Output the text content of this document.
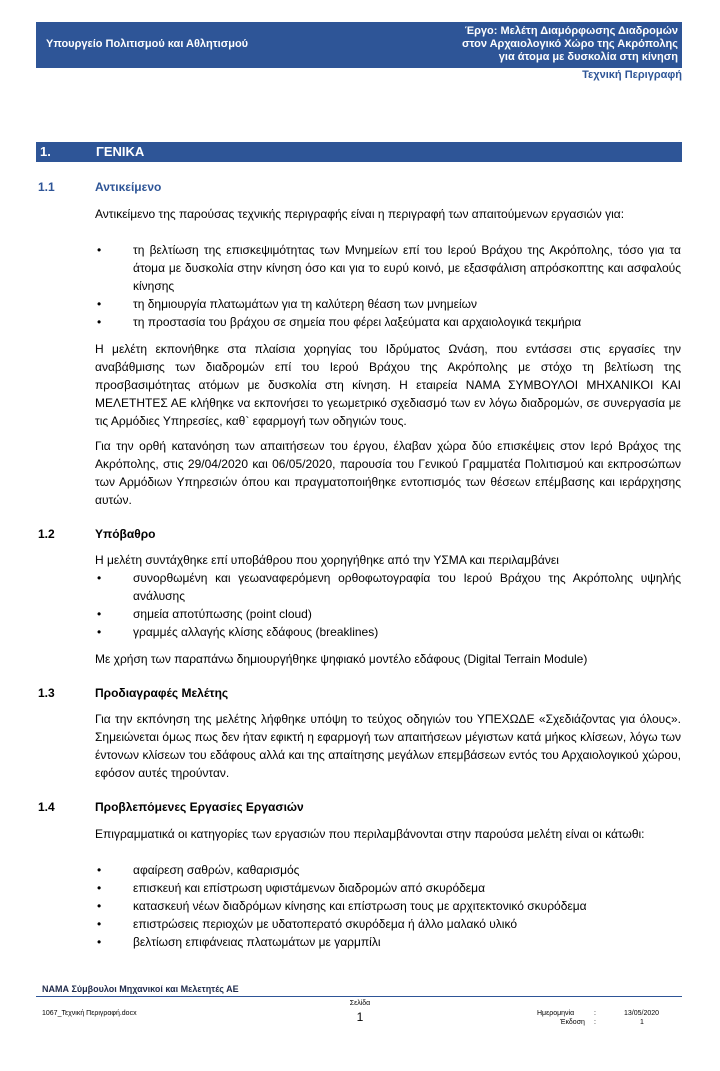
Υπουργείο Πολιτισμού και Αθλητισμού
Έργο: Μελέτη Διαμόρφωσης Διαδρομών
στον Αρχαιολογικό Χώρο της Ακρόπολης
για άτομα με δυσκολία στη κίνηση
Τεχνική Περιγραφή
1.	ΓΕΝΙΚΑ
1.1	Αντικείμενο
Αντικείμενο της παρούσας τεχνικής περιγραφής είναι η περιγραφή των απαιτούμενων εργασιών για:
• τη βελτίωση της επισκεψιμότητας των Μνημείων επί του Ιερού Βράχου της Ακρόπολης, τόσο για τα άτομα με δυσκολία στην κίνηση όσο και για το ευρύ κοινό, με εξασφάλιση απρόσκοπτης και ασφαλούς κίνησης
• τη δημιουργία πλατωμάτων για τη καλύτερη θέαση των μνημείων
• τη προστασία του βράχου σε σημεία που φέρει λαξεύματα και αρχαιολογικά τεκμήρια
Η μελέτη εκπονήθηκε στα πλαίσια χορηγίας του Ιδρύματος Ωνάση, που εντάσσει στις εργασίες την αναβάθμισης των διαδρομών επί του Ιερού Βράχου της Ακρόπολης με στόχο τη βελτίωση της προσβασιμότητας ατόμων με δυσκολία στη κίνηση. Η εταιρεία ΝΑΜΑ ΣΥΜΒΟΥΛΟΙ ΜΗΧΑΝΙΚΟΙ ΚΑΙ ΜΕΛΕΤΗΤΕΣ ΑΕ κλήθηκε να εκπονήσει το γεωμετρικό σχεδιασμό των εν λόγω διαδρομών, σε συνεργασία με τις Αρμόδιες Υπηρεσίες, καθ` εφαρμογή των οδηγιών τους.
Για την ορθή κατανόηση των απαιτήσεων του έργου, έλαβαν χώρα δύο επισκέψεις στον Ιερό Βράχος της Ακρόπολης, στις 29/04/2020 και 06/05/2020, παρουσία του Γενικού Γραμματέα Πολιτισμού και εκπροσώπων των Αρμόδιων Υπηρεσιών όπου και πραγματοποιήθηκε εντοπισμός των θέσεων επέμβασης και ιεράρχησης αυτών.
1.2	Υπόβαθρο
Η μελέτη συντάχθηκε επί υποβάθρου που χορηγήθηκε από την ΥΣΜΑ και περιλαμβάνει
• συνορθωμένη και γεωαναφερόμενη ορθοφωτογραφία του Ιερού Βράχου της Ακρόπολης υψηλής ανάλυσης
• σημεία αποτύπωσης (point cloud)
• γραμμές αλλαγής κλίσης εδάφους (breaklines)
Με χρήση των παραπάνω δημιουργήθηκε ψηφιακό μοντέλο εδάφους (Digital Terrain Module)
1.3	Προδιαγραφές Μελέτης
Για την εκπόνηση της μελέτης λήφθηκε υπόψη το τεύχος οδηγιών του ΥΠΕΧΩΔΕ «Σχεδιάζοντας για όλους». Σημειώνεται όμως πως δεν ήταν εφικτή η εφαρμογή των απαιτήσεων μέγιστων κατά μήκος κλίσεων, λόγω των έντονων κλίσεων του εδάφους αλλά και της απαίτησης μεγάλων επεμβάσεων εντός του Αρχαιολογικού χώρου, εφόσον αυτές τηρούνταν.
1.4	Προβλεπόμενες Εργασίες Εργασιών
Επιγραμματικά οι κατηγορίες των εργασιών που περιλαμβάνονται στην παρούσα μελέτη είναι οι κάτωθι:
• αφαίρεση σαθρών, καθαρισμός
• επισκευή και επίστρωση υφιστάμενων διαδρομών από σκυρόδεμα
• κατασκευή νέων διαδρόμων κίνησης και επίστρωση τους με αρχιτεκτονικό σκυρόδεμα
• επιστρώσεις περιοχών με υδατοπερατό σκυρόδεμα ή άλλο μαλακό υλικό
• βελτίωση επιφάνειας πλατωμάτων με γαρμπίλι
ΝΑΜΑ Σύμβουλοι Μηχανικοί και Μελετητές ΑΕ
1067_Τεχνική Περιγραφή.docx
Σελίδα
1	Ημερομηνία	:	13/05/2020
Έκδοση :	1
